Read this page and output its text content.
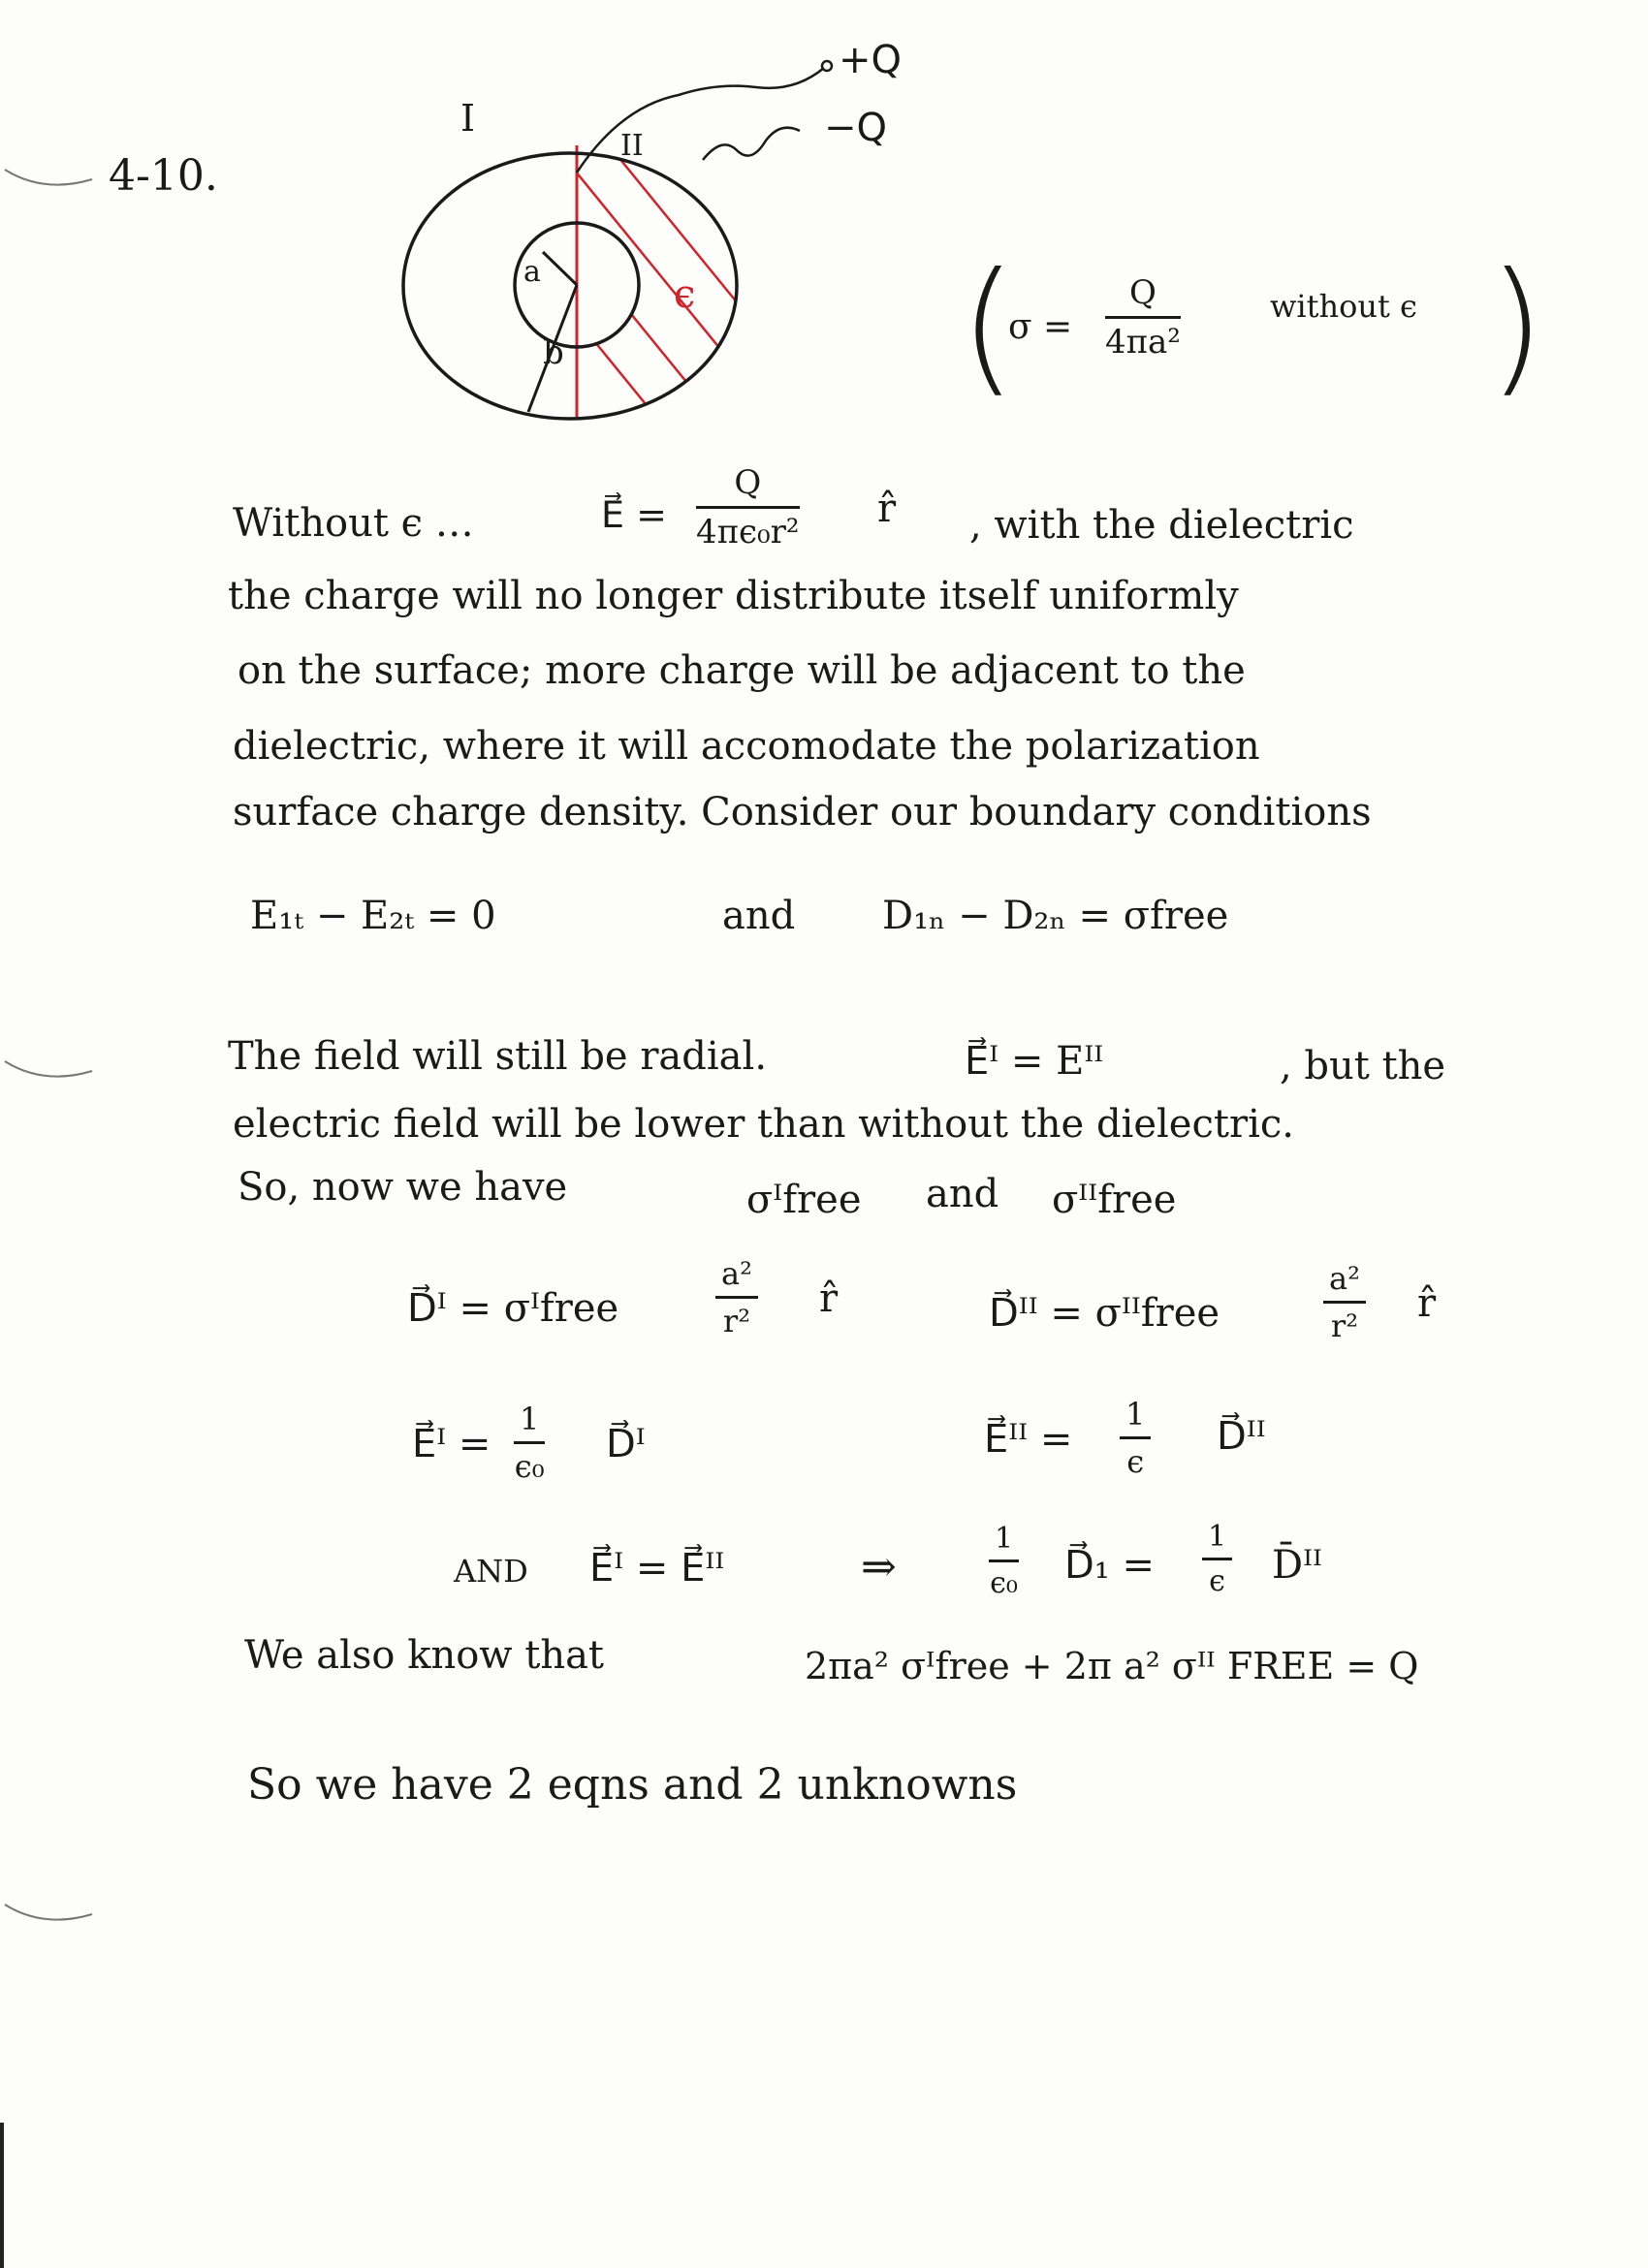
4-10.
I
II
a
b
ϵ
+Q
−Q
(
$\sigma = \frac{Q}{\text{4πa²}}$	without ϵ )
Without ϵ …	E⃗ = $\frac{Q}{\text{4πϵ₀r²}}$ r̂ , with the dielectric
the charge will no longer distribute itself uniformly
on the surface; more charge will be adjacent to the
dielectric, where it will accomodate the polarization
surface charge density. Consider our boundary conditions
E₁ₜ − E₂ₜ = 0	and D₁ₙ − D₂ₙ = σfree
The field will still be radial.	E⃗ᴵ = Eᴵᴵ	, but the
electric field will be lower than without the dielectric.
So, now we have	σᴵfree and σᴵᴵfree
D⃗ᴵ = σᴵfree	$\frac{\text{a²}}{\text{r²}}$ r̂	D⃗ᴵᴵ = σᴵᴵfree	$\frac{\text{a²}}{\text{r²}}$ r̂
E⃗ᴵ = $\frac{1}{\text{ϵ₀}}$ D⃗ᴵ	E⃗ᴵᴵ = $\frac{1}{\epsilon}$ D⃗ᴵᴵ
AND E⃗ᴵ = E⃗ᴵᴵ	⇒	$\frac{1}{\text{ϵ₀}}$ D⃗₁ = $\frac{1}{\epsilon}$ D̄ᴵᴵ
We also know that	2πa² σᴵfree + 2π a² σᴵᴵ FREE = Q
So we have 2 eqns and 2 unknowns
